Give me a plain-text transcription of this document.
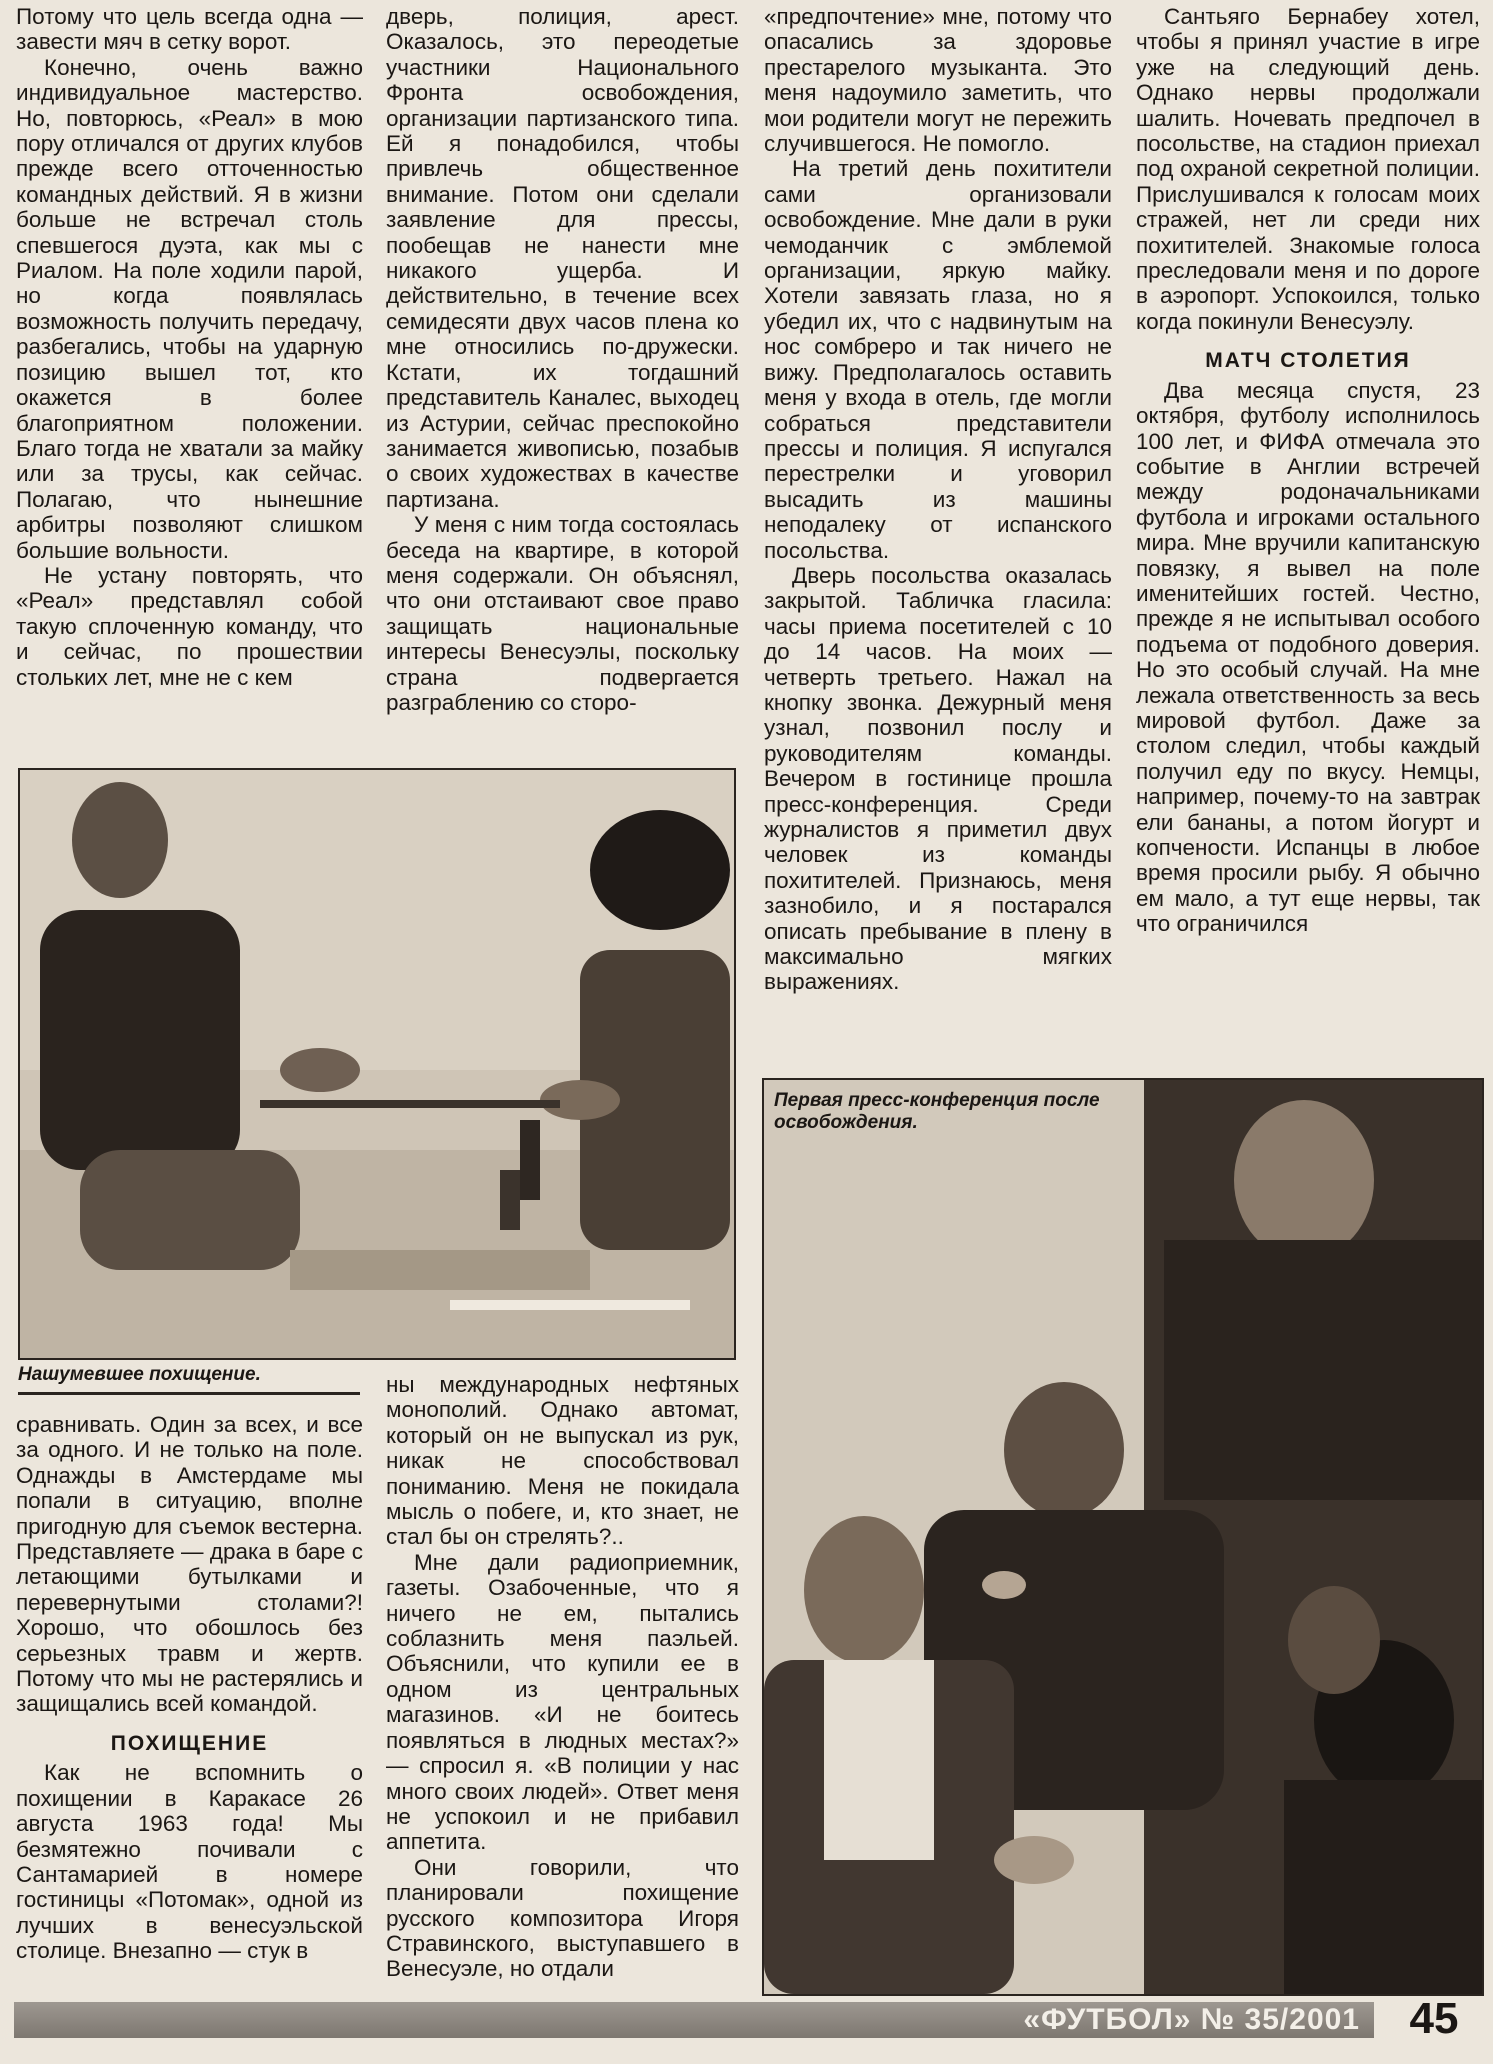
Потому что цель всегда одна — завести мяч в сетку ворот.

Конечно, очень важно индивидуальное мастерство. Но, повторюсь, «Реал» в мою пору отличался от других клубов прежде всего отточенностью командных действий. Я в жизни больше не встречал столь спевшегося дуэта, как мы с Риалом. На поле ходили парой, но когда появлялась возможность получить передачу, разбегались, чтобы на ударную позицию вышел тот, кто окажется в более благоприятном положении. Благо тогда не хватали за майку или за трусы, как сейчас. Полагаю, что нынешние арбитры позволяют слишком большие вольности.

Не устану повторять, что «Реал» представлял собой такую сплоченную команду, что и сейчас, по прошествии стольких лет, мне не с кем

дверь, полиция, арест. Оказалось, это переодетые участники Национального Фронта освобождения, организации партизанского типа. Ей я понадобился, чтобы привлечь общественное внимание. Потом они сделали заявление для прессы, пообещав не нанести мне никакого ущерба. И действительно, в течение всех семидесяти двух часов плена ко мне относились по-дружески. Кстати, их тогдашний представитель Каналес, выходец из Астурии, сейчас преспокойно занимается живописью, позабыв о своих художествах в качестве партизана.

У меня с ним тогда состоялась беседа на квартире, в которой меня содержали. Он объяснял, что они отстаивают свое право защищать национальные интересы Венесуэлы, поскольку страна подвергается разграблению со сторо-

«предпочтение» мне, потому что опасались за здоровье престарелого музыканта. Это меня надоумило заметить, что мои родители могут не пережить случившегося. Не помогло.

На третий день похитители сами организовали освобождение. Мне дали в руки чемоданчик с эмблемой организации, яркую майку. Хотели завязать глаза, но я убедил их, что с надвинутым на нос сомбреро и так ничего не вижу. Предполагалось оставить меня у входа в отель, где могли собраться представители прессы и полиция. Я испугался перестрелки и уговорил высадить из машины неподалеку от испанского посольства.

Дверь посольства оказалась закрытой. Табличка гласила: часы приема посетителей с 10 до 14 часов. На моих — четверть третьего. Нажал на кнопку звонка. Дежурный меня узнал, позвонил послу и руководителям команды. Вечером в гостинице прошла пресс-конференция. Среди журналистов я приметил двух человек из команды похитителей. Признаюсь, меня зазнобило, и я постарался описать пребывание в плену в максимально мягких выражениях.

Сантьяго Бернабеу хотел, чтобы я принял участие в игре уже на следующий день. Однако нервы продолжали шалить. Ночевать предпочел в посольстве, на стадион приехал под охраной секретной полиции. Прислушивался к голосам моих стражей, нет ли среди них похитителей. Знакомые голоса преследовали меня и по дороге в аэропорт. Успокоился, только когда покинули Венесуэлу.

МАТЧ СТОЛЕТИЯ

Два месяца спустя, 23 октября, футболу исполнилось 100 лет, и ФИФА отмечала это событие в Англии встречей между родоначальниками футбола и игроками остального мира. Мне вручили капитанскую повязку, я вывел на поле именитейших гостей. Честно, прежде я не испытывал особого подъема от подобного доверия. Но это особый случай. На мне лежала ответственность за весь мировой футбол. Даже за столом следил, чтобы каждый получил еду по вкусу. Немцы, например, почему-то на завтрак ели бананы, а потом йогурт и копчености. Испанцы в любое время просили рыбу. Я обычно ем мало, а тут еще нервы, так что ограничился

Нашумевшее похищение.

сравнивать. Один за всех, и все за одного. И не только на поле. Однажды в Амстердаме мы попали в ситуацию, вполне пригодную для съемок вестерна. Представляете — драка в баре с летающими бутылками и перевернутыми столами?! Хорошо, что обошлось без серьезных травм и жертв. Потому что мы не растерялись и защищались всей командой.

ПОХИЩЕНИЕ

Как не вспомнить о похищении в Каракасе 26 августа 1963 года! Мы безмятежно почивали с Сантамарией в номере гостиницы «Потомак», одной из лучших в венесуэльской столице. Внезапно — стук в

ны международных нефтяных монополий. Однако автомат, который он не выпускал из рук, никак не способствовал пониманию. Меня не покидала мысль о побеге, и, кто знает, не стал бы он стрелять?..

Мне дали радиоприемник, газеты. Озабоченные, что я ничего не ем, пытались соблазнить меня паэльей. Объяснили, что купили ее в одном из центральных магазинов. «И не боитесь появляться в людных местах?» — спросил я. «В полиции у нас много своих людей». Ответ меня не успокоил и не прибавил аппетита.

Они говорили, что планировали похищение русского композитора Игоря Стравинского, выступавшего в Венесуэле, но отдали

Первая пресс-конференция после освобождения.
«ФУТБОЛ» № 35/2001	45
